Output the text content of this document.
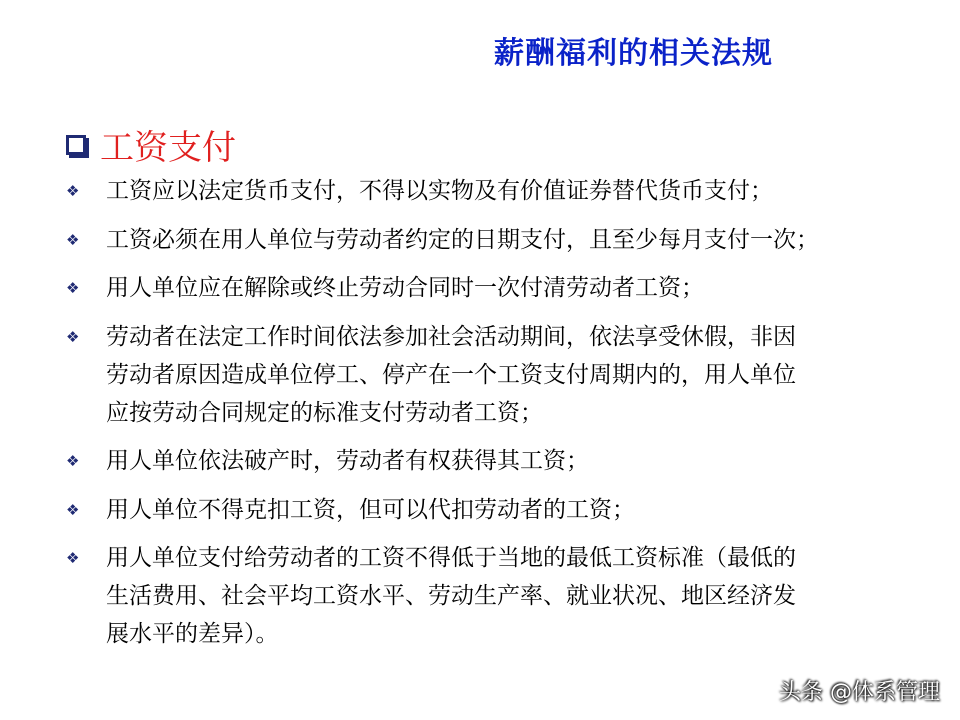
薪酬福利的相关法规
工资支付
❖	工资应以法定货币支付，不得以实物及有价值证券替代货币支付；
❖	工资必须在用人单位与劳动者约定的日期支付，且至少每月支付一次；
❖	用人单位应在解除或终止劳动合同时一次付清劳动者工资；
❖	劳动者在法定工作时间依法参加社会活动期间，依法享受休假，非因
劳动者原因造成单位停工、停产在一个工资支付周期内的，用人单位
应按劳动合同规定的标准支付劳动者工资；
❖	用人单位依法破产时，劳动者有权获得其工资；
❖	用人单位不得克扣工资，但可以代扣劳动者的工资；
❖	用人单位支付给劳动者的工资不得低于当地的最低工资标准（最低的
生活费用、社会平均工资水平、劳动生产率、就业状况、地区经济发
展水平的差异）。
头条 @体系管理
